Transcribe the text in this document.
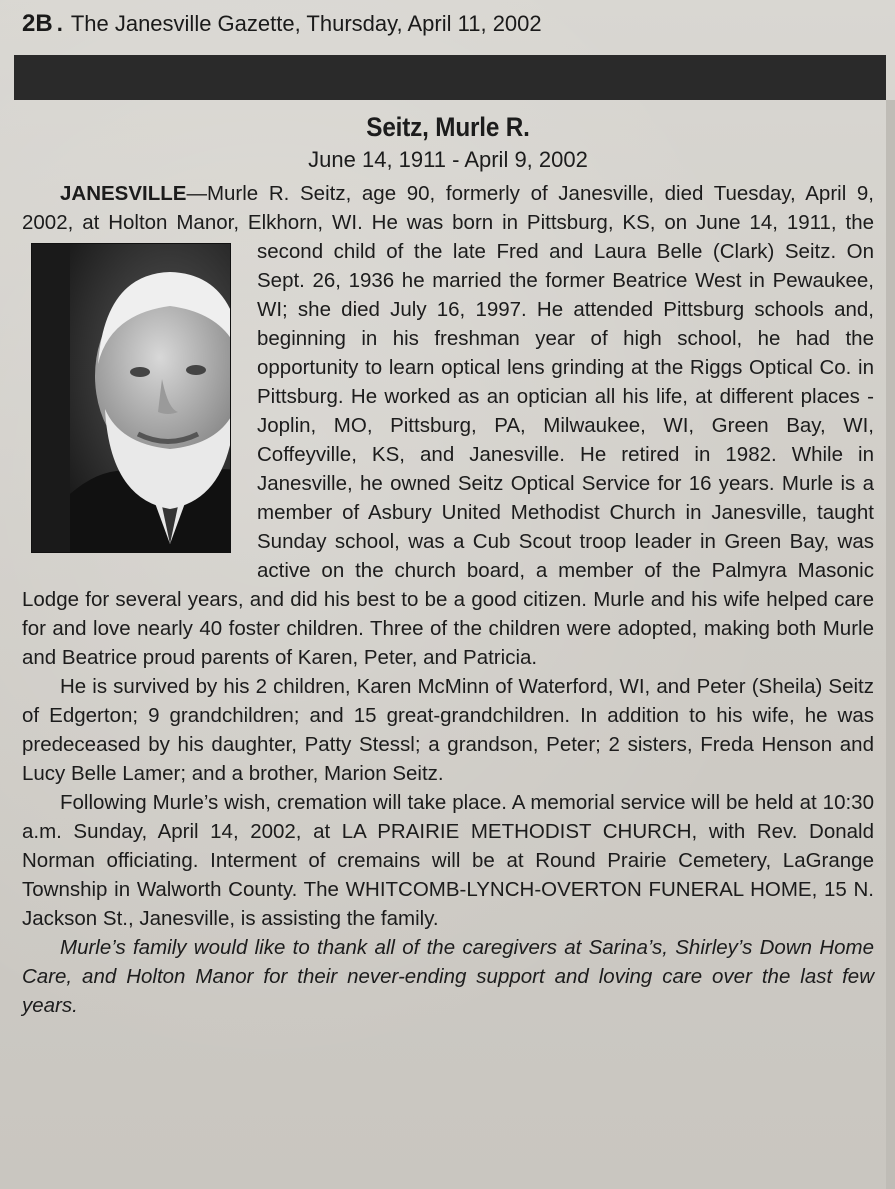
2B . The Janesville Gazette, Thursday, April 11, 2002
Seitz, Murle R.
June 14, 1911 - April 9, 2002

JANESVILLE—Murle R. Seitz, age 90, formerly of Janesville, died Tuesday, April 9, 2002, at Holton Manor, Elkhorn, WI. He was born in Pittsburg, KS, on June 14, 1911,
the second child of the late Fred and Laura Belle (Clark) Seitz. On Sept. 26, 1936 he married the former Beatrice West in Pewaukee, WI; she died July 16, 1997. He attended Pittsburg schools and, beginning in his freshman year of high school, he had the opportunity to learn optical lens grinding at the Riggs Optical Co. in Pittsburg. He worked as an optician all his life, at different places - Joplin, MO, Pittsburg, PA, Milwaukee, WI, Green Bay, WI, Coffeyville, KS, and Janesville. He retired in 1982. While in Janesville, he owned Seitz Optical Service for 16 years. Murle is a member of Asbury United Methodist Church in Janesville, taught Sunday school, was a Cub Scout troop leader in Green Bay, was active on the church board, a member of the Palmyra Masonic Lodge for several years, and did his best to be a good citizen. Murle and his wife helped care for and love nearly 40 foster children. Three of the children were adopted, making both Murle and Beatrice proud parents of Karen, Peter, and Patricia.

He is survived by his 2 children, Karen McMinn of Waterford, WI, and Peter (Sheila) Seitz of Edgerton; 9 grandchildren; and 15 great-grandchildren. In addition to his wife, he was predeceased by his daughter, Patty Stessl; a grandson, Peter; 2 sisters, Freda Henson and Lucy Belle Lamer; and a brother, Marion Seitz.

Following Murle’s wish, cremation will take place. A memorial service will be held at 10:30 a.m. Sunday, April 14, 2002, at LA PRAIRIE METHODIST CHURCH, with Rev. Donald Norman officiating. Interment of cremains will be at Round Prairie Cemetery, LaGrange Township in Walworth County. The WHITCOMB-LYNCH-OVERTON FUNERAL HOME, 15 N. Jackson St., Janesville, is assisting the family.

Murle’s family would like to thank all of the caregivers at Sarina’s, Shirley’s Down Home Care, and Holton Manor for their never-ending support and loving care over the last few years.
